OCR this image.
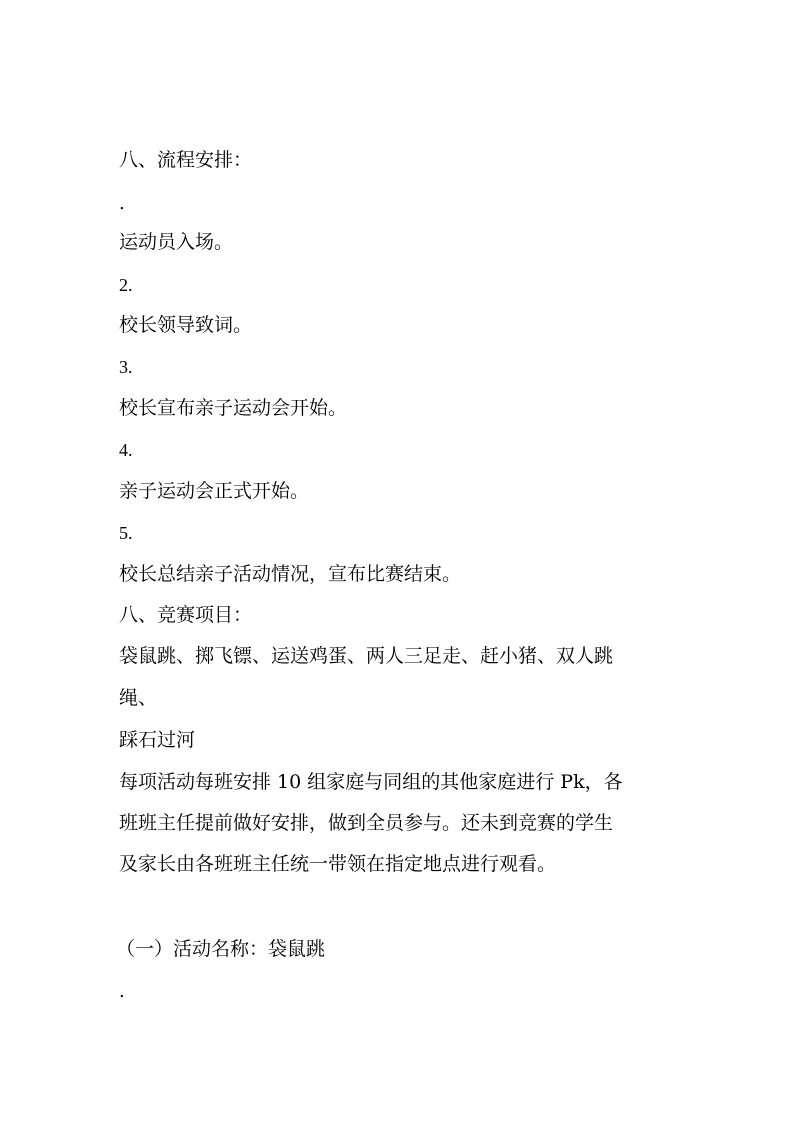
八、流程安排：

.

运动员入场。

2.

校长领导致词。

3.

校长宣布亲子运动会开始。

4.

亲子运动会正式开始。

5.

校长总结亲子活动情况，宣布比赛结束。

八、竞赛项目：

袋鼠跳、掷飞镖、运送鸡蛋、两人三足走、赶小猪、双人跳

绳、

踩石过河

每项活动每班安排 10 组家庭与同组的其他家庭进行 Pk，各

班班主任提前做好安排，做到全员参与。还未到竞赛的学生

及家长由各班班主任统一带领在指定地点进行观看。

（一）活动名称：袋鼠跳

.
